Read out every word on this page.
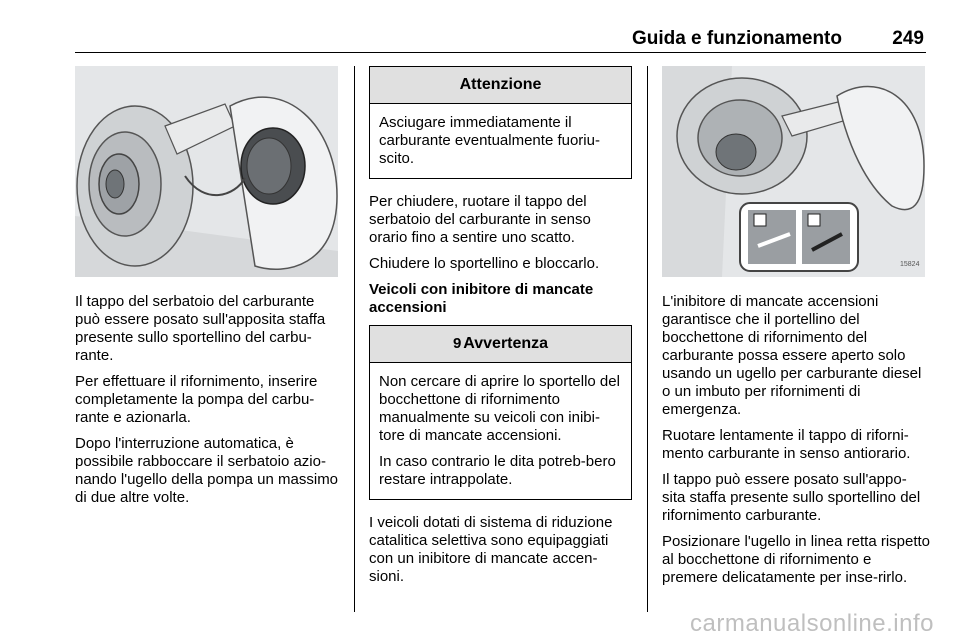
Guida e funzionamento	249

Il tappo del serbatoio del carburante può essere posato sull'apposita staffa presente sullo sportellino del carbu-rante.

Per effettuare il rifornimento, inserire completamente la pompa del carbu-rante e azionarla.

Dopo l'interruzione automatica, è possibile rabboccare il serbatoio azio-nando l'ugello della pompa un massimo di due altre volte.

Attenzione

Asciugare immediatamente il carburante eventualmente fuoriu-scito.

Per chiudere, ruotare il tappo del serbatoio del carburante in senso orario fino a sentire uno scatto.

Chiudere lo sportellino e bloccarlo.

Veicoli con inibitore di mancate accensioni
9 Avvertenza

Non cercare di aprire lo sportello del bocchettone di rifornimento manualmente su veicoli con inibi-tore di mancate accensioni.

In caso contrario le dita potreb-bero restare intrappolate.

I veicoli dotati di sistema di riduzione catalitica selettiva sono equipaggiati con un inibitore di mancate accen-sioni.

15824

L'inibitore di mancate accensioni garantisce che il portellino del bocchettone di rifornimento del carburante possa essere aperto solo usando un ugello per carburante diesel o un imbuto per rifornimenti di emergenza.

Ruotare lentamente il tappo di riforni-mento carburante in senso antiorario.

Il tappo può essere posato sull'appo-sita staffa presente sullo sportellino del rifornimento carburante.

Posizionare l'ugello in linea retta rispetto al bocchettone di rifornimento e premere delicatamente per inse-rirlo.

carmanualsonline.info
